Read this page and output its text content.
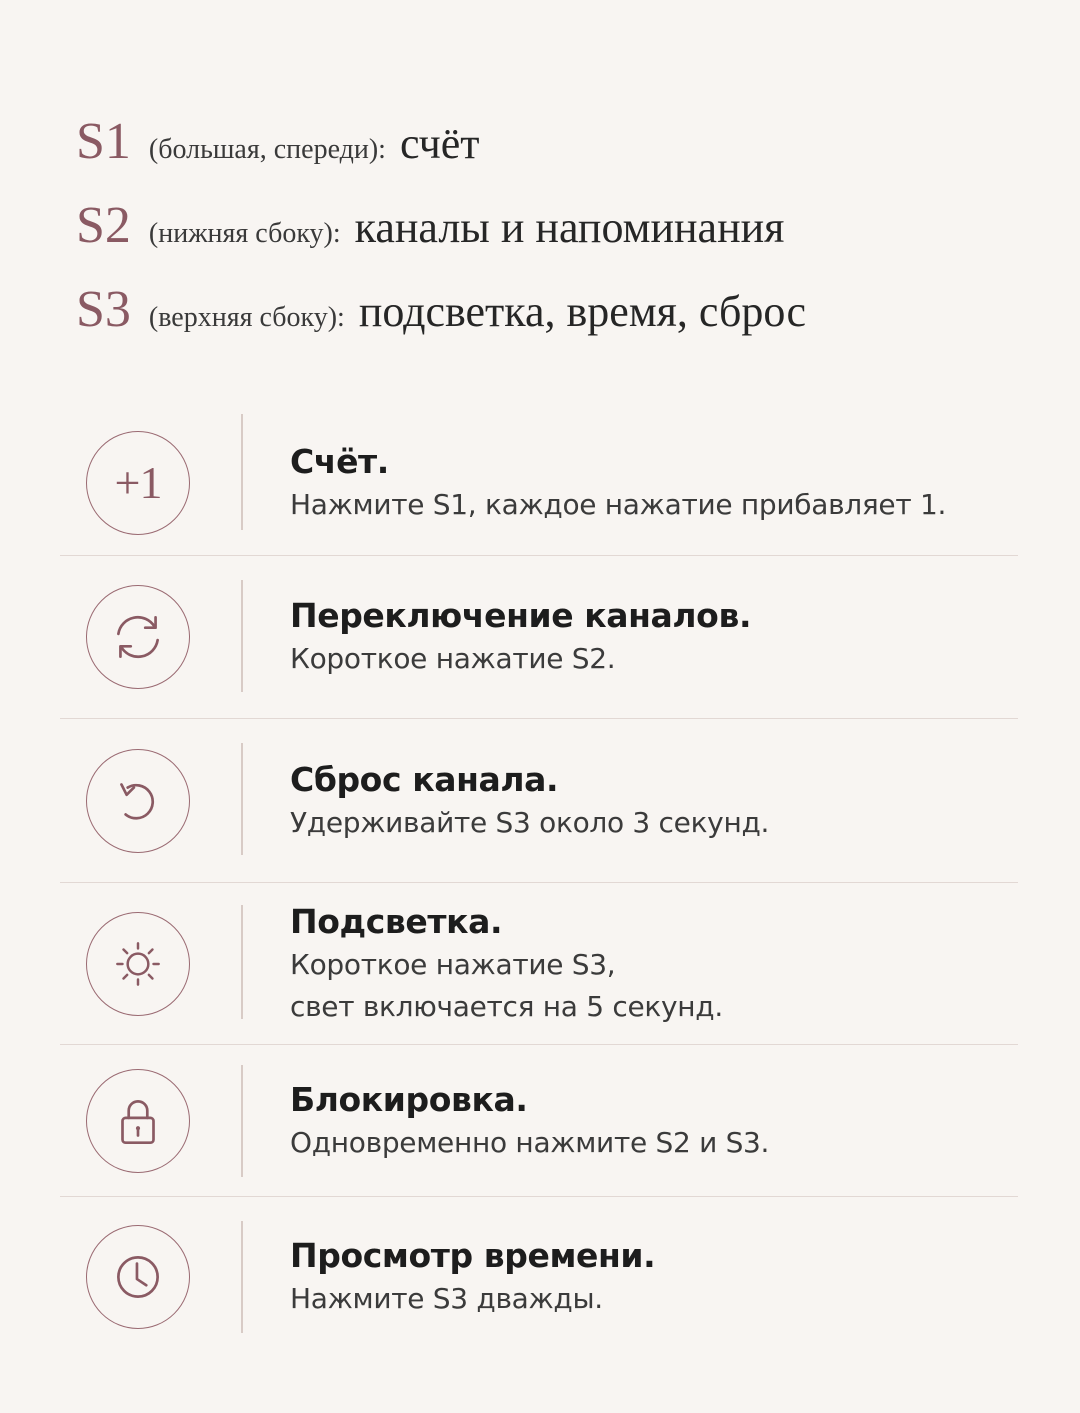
S1 (большая, спереди): счёт
S2 (нижняя сбоку): каналы и напоминания
S3 (верхняя сбоку): подсветка, время, сброс
+1	Счёт.
Нажмите S1, каждое нажатие прибавляет 1.
Переключение каналов.
Короткое нажатие S2.
Сброс канала.
Удерживайте S3 около 3 секунд.
Подсветка.
Короткое нажатие S3,
свет включается на 5 секунд.
Блокировка.
Одновременно нажмите S2 и S3.
Просмотр времени.
Нажмите S3 дважды.
